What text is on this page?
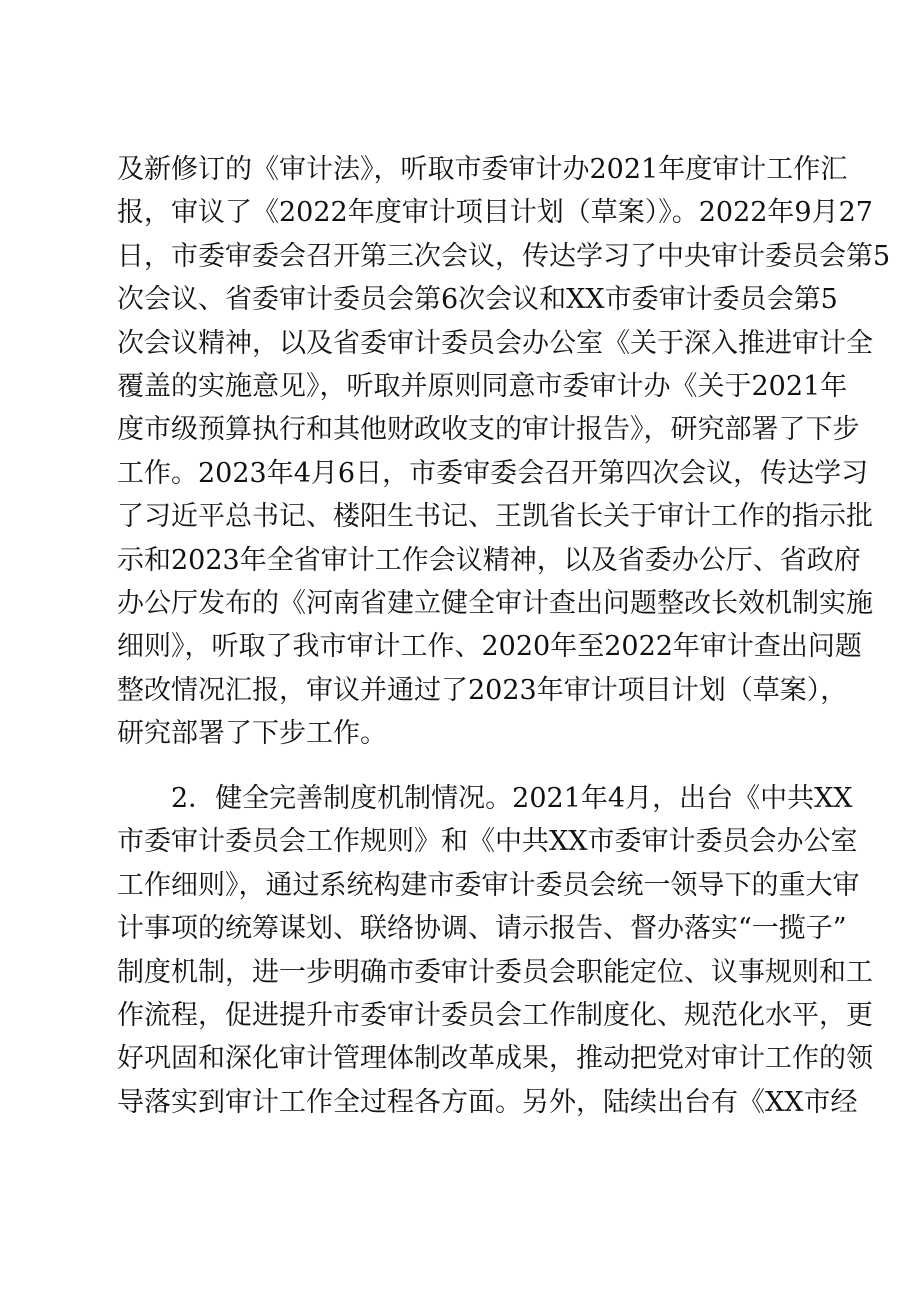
及新修订的《审计法》，听取市委审计办2021年度审计工作汇
报，审议了《2022年度审计项目计划（草案）》。2022年9月27
日，市委审委会召开第三次会议，传达学习了中央审计委员会第5
次会议、省委审计委员会第6次会议和XX市委审计委员会第5
次会议精神，以及省委审计委员会办公室《关于深入推进审计全
覆盖的实施意见》，听取并原则同意市委审计办《关于2021年
度市级预算执行和其他财政收支的审计报告》，研究部署了下步
工作。2023年4月6日，市委审委会召开第四次会议，传达学习
了习近平总书记、楼阳生书记、王凯省长关于审计工作的指示批
示和2023年全省审计工作会议精神，以及省委办公厅、省政府
办公厅发布的《河南省建立健全审计查出问题整改长效机制实施
细则》，听取了我市审计工作、2020年至2022年审计查出问题
整改情况汇报，审议并通过了2023年审计项目计划（草案），
研究部署了下步工作。
2．健全完善制度机制情况。2021年4月，出台《中共XX
市委审计委员会工作规则》和《中共XX市委审计委员会办公室
工作细则》，通过系统构建市委审计委员会统一领导下的重大审
计事项的统筹谋划、联络协调、请示报告、督办落实“一揽子”
制度机制，进一步明确市委审计委员会职能定位、议事规则和工
作流程，促进提升市委审计委员会工作制度化、规范化水平，更
好巩固和深化审计管理体制改革成果，推动把党对审计工作的领
导落实到审计工作全过程各方面。另外，陆续出台有《XX市经
